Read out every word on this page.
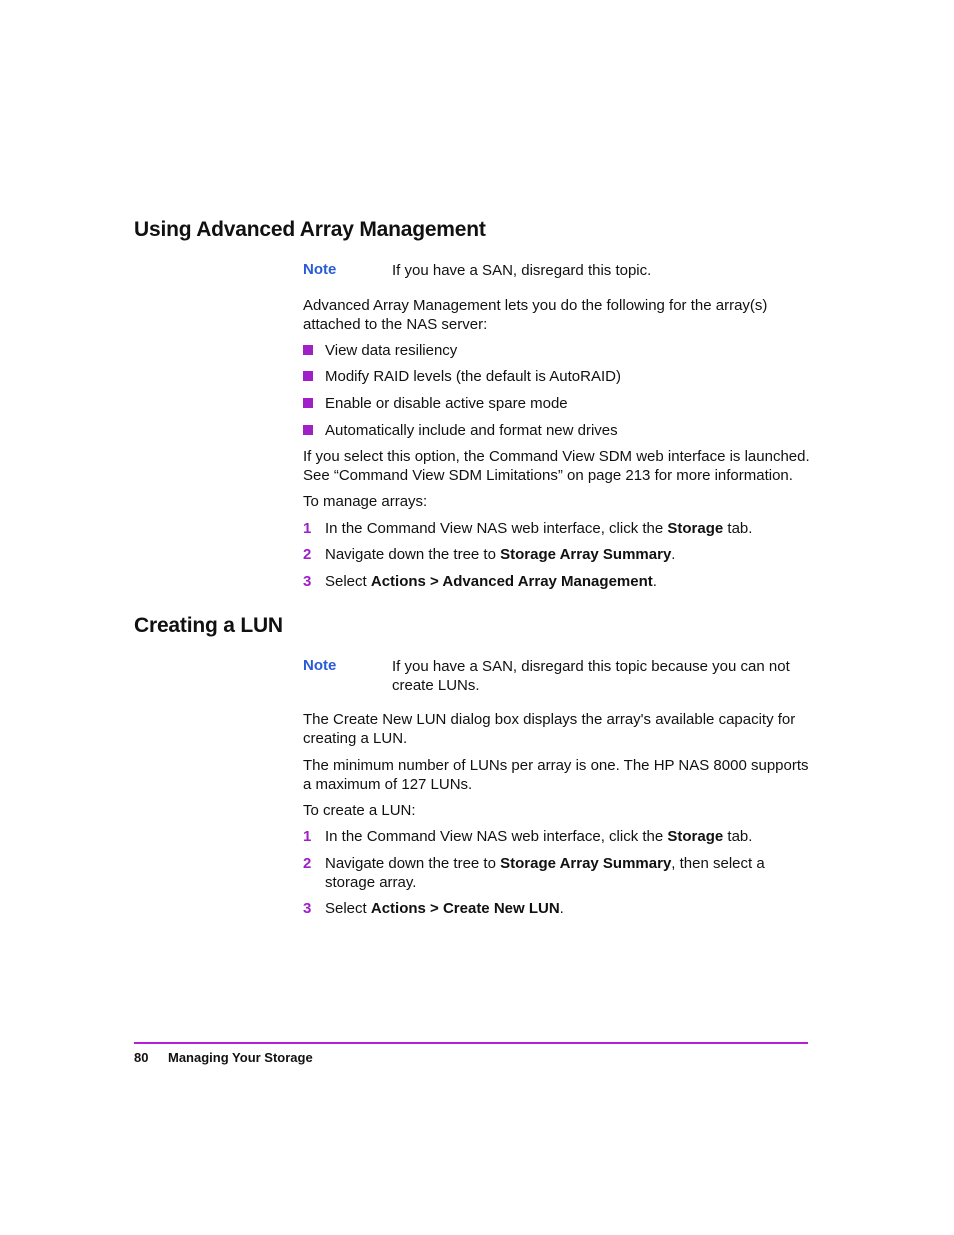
Using Advanced Array Management
Note	If you have a SAN, disregard this topic.
Advanced Array Management lets you do the following for the array(s) attached to the NAS server:
View data resiliency
Modify RAID levels (the default is AutoRAID)
Enable or disable active spare mode
Automatically include and format new drives
If you select this option, the Command View SDM web interface is launched. See “Command View SDM Limitations” on page 213 for more information.
To manage arrays:
1 In the Command View NAS web interface, click the Storage tab.
2 Navigate down the tree to Storage Array Summary.
3 Select Actions > Advanced Array Management.
Creating a LUN
Note	If you have a SAN, disregard this topic because you can not create LUNs.
The Create New LUN dialog box displays the array's available capacity for creating a LUN.
The minimum number of LUNs per array is one. The HP NAS 8000 supports a maximum of 127 LUNs.
To create a LUN:
1 In the Command View NAS web interface, click the Storage tab.
2 Navigate down the tree to Storage Array Summary, then select a storage array.
3 Select Actions > Create New LUN.
80 Managing Your Storage
